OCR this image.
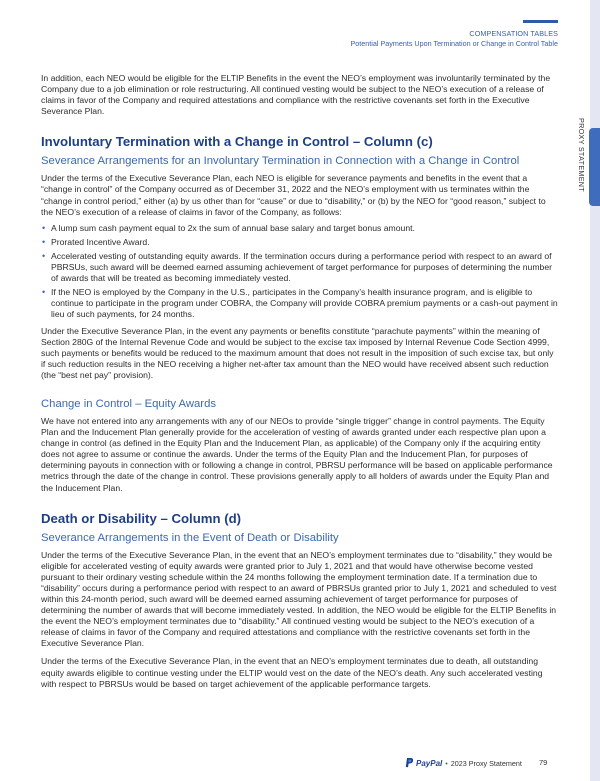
PROXY STATEMENT
COMPENSATION TABLES
Potential Payments Upon Termination or Change in Control Table

In addition, each NEO would be eligible for the ELTIP Benefits in the event the NEO’s employment was involuntarily terminated by the Company due to a job elimination or role restructuring. All continued vesting would be subject to the NEO’s execution of a release of claims in favor of the Company and required attestations and compliance with the restrictive covenants set forth in the Executive Severance Plan.

Involuntary Termination with a Change in Control – Column (c)
Severance Arrangements for an Involuntary Termination in Connection with a Change in Control

Under the terms of the Executive Severance Plan, each NEO is eligible for severance payments and benefits in the event that a “change in control” of the Company occurred as of December 31, 2022 and the NEO’s employment with us terminates within the “change in control period,” either (a) by us other than for “cause” or due to “disability,” or (b) by the NEO for “good reason,” subject to the NEO’s execution of a release of claims in favor of the Company, as follows:

• A lump sum cash payment equal to 2x the sum of annual base salary and target bonus amount.
• Prorated Incentive Award.
• Accelerated vesting of outstanding equity awards. If the termination occurs during a performance period with respect to an award of PBRSUs, such award will be deemed earned assuming achievement of target performance for purposes of determining the number of awards that will be treated as becoming immediately vested.
• If the NEO is employed by the Company in the U.S., participates in the Company’s health insurance program, and is eligible to continue to participate in the program under COBRA, the Company will provide COBRA premium payments or a cash-out payment in lieu of such payments, for 24 months.

Under the Executive Severance Plan, in the event any payments or benefits constitute “parachute payments” within the meaning of Section 280G of the Internal Revenue Code and would be subject to the excise tax imposed by Internal Revenue Code Section 4999, such payments or benefits would be reduced to the maximum amount that does not result in the imposition of such excise tax, but only if such reduction results in the NEO receiving a higher net-after tax amount than the NEO would have received absent such reduction (the “best net pay” provision).

Change in Control – Equity Awards

We have not entered into any arrangements with any of our NEOs to provide “single trigger” change in control payments. The Equity Plan and the Inducement Plan generally provide for the acceleration of vesting of awards granted under each respective plan upon a change in control (as defined in the Equity Plan and the Inducement Plan, as applicable) of the Company only if the acquiring entity does not agree to assume or continue the awards. Under the terms of the Equity Plan and the Inducement Plan, for purposes of determining payouts in connection with or following a change in control, PBRSU performance will be based on applicable performance metrics through the date of the change in control. These provisions generally apply to all holders of awards under the Equity Plan and the Inducement Plan.

Death or Disability – Column (d)
Severance Arrangements in the Event of Death or Disability

Under the terms of the Executive Severance Plan, in the event that an NEO’s employment terminates due to “disability,” they would be eligible for accelerated vesting of equity awards were granted prior to July 1, 2021 and that would have otherwise become vested pursuant to their ordinary vesting schedule within the 24 months following the employment termination date. If a termination due to “disability” occurs during a performance period with respect to an award of PBRSUs granted prior to July 1, 2021 and scheduled to vest within this 24-month period, such award will be deemed earned assuming achievement of target performance for purposes of determining the number of awards that will become immediately vested. In addition, the NEO would be eligible for the ELTIP Benefits in the event the NEO’s employment terminates due to “disability.” All continued vesting would be subject to the NEO’s execution of a release of claims in favor of the Company and required attestations and compliance with the restrictive covenants set forth in the Executive Severance Plan.

Under the terms of the Executive Severance Plan, in the event that an NEO’s employment terminates due to death, all outstanding equity awards eligible to continue vesting under the ELTIP would vest on the date of the NEO’s death. Any such accelerated vesting with respect to PBRSUs would be based on target achievement of the applicable performance targets.

PayPal • 2023 Proxy Statement 79
